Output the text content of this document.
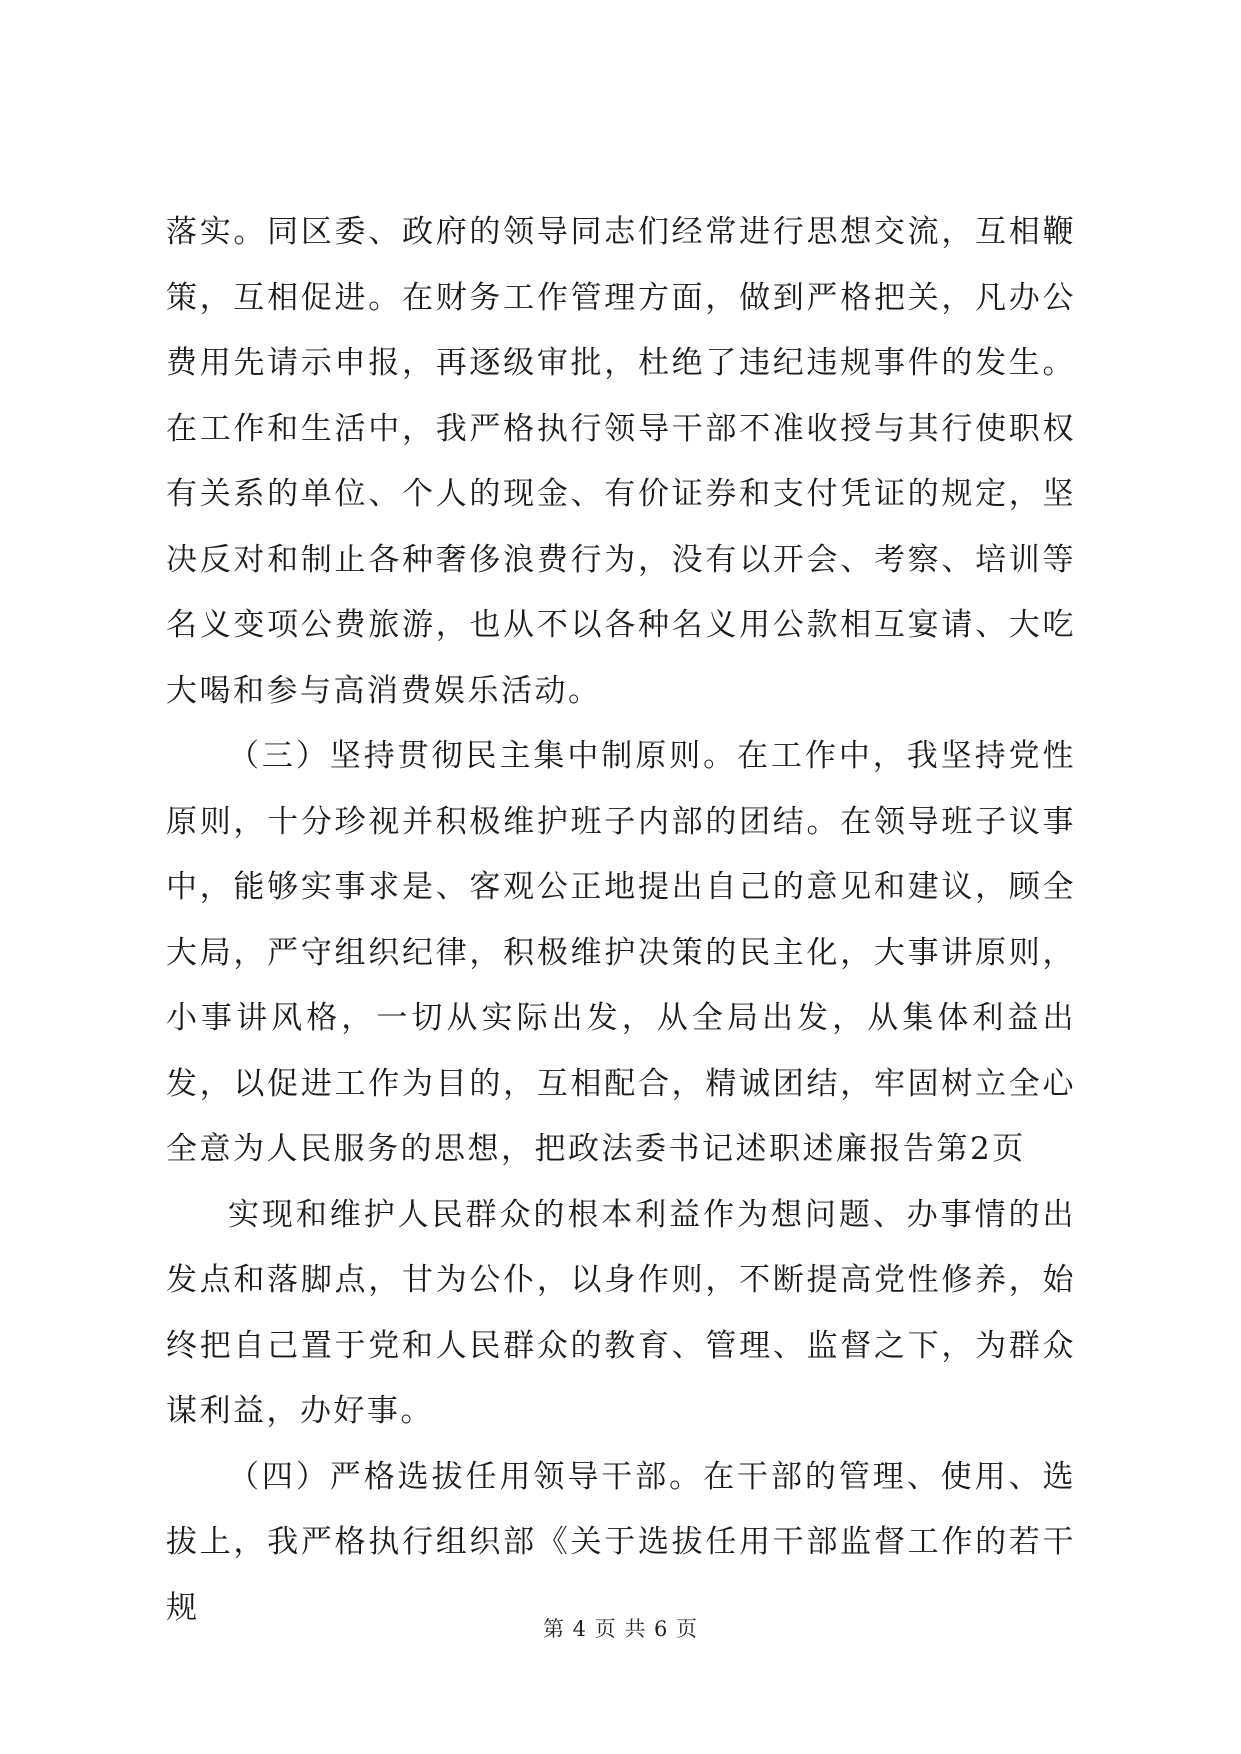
落实。同区委、政府的领导同志们经常进行思想交流，互相鞭策，互相促进。在财务工作管理方面，做到严格把关，凡办公费用先请示申报，再逐级审批，杜绝了违纪违规事件的发生。在工作和生活中，我严格执行领导干部不准收授与其行使职权有关系的单位、个人的现金、有价证券和支付凭证的规定，坚决反对和制止各种奢侈浪费行为，没有以开会、考察、培训等名义变项公费旅游，也从不以各种名义用公款相互宴请、大吃大喝和参与高消费娱乐活动。

（三）坚持贯彻民主集中制原则。在工作中，我坚持党性原则，十分珍视并积极维护班子内部的团结。在领导班子议事中，能够实事求是、客观公正地提出自己的意见和建议，顾全大局，严守组织纪律，积极维护决策的民主化，大事讲原则，小事讲风格，一切从实际出发，从全局出发，从集体利益出发，以促进工作为目的，互相配合，精诚团结，牢固树立全心全意为人民服务的思想，把政法委书记述职述廉报告第2页

实现和维护人民群众的根本利益作为想问题、办事情的出发点和落脚点，甘为公仆，以身作则，不断提高党性修养，始终把自己置于党和人民群众的教育、管理、监督之下，为群众谋利益，办好事。

（四）严格选拔任用领导干部。在干部的管理、使用、选拔上，我严格执行组织部《关于选拔任用干部监督工作的若干规

第 4 页 共 6 页
